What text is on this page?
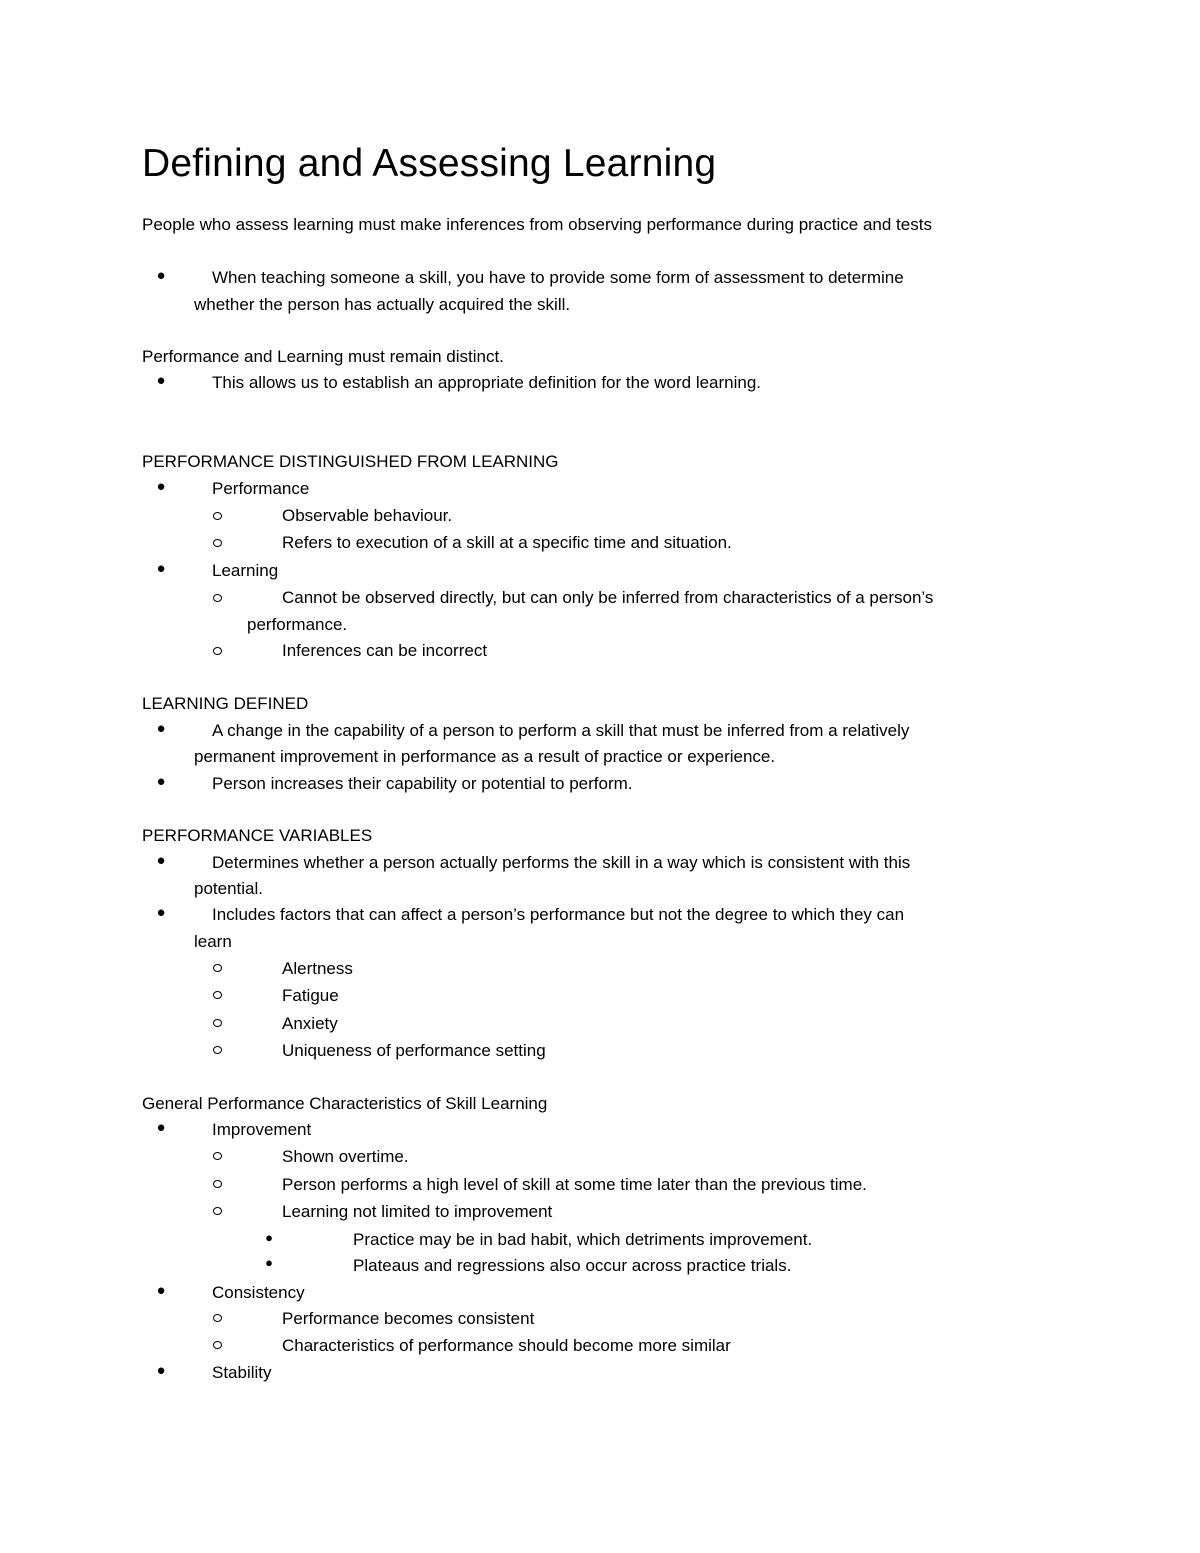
Defining and Assessing Learning
People who assess learning must make inferences from observing performance during practice and tests
●	When teaching someone a skill, you have to provide some form of assessment to determine
whether the person has actually acquired the skill.
Performance and Learning must remain distinct.
●	This allows us to establish an appropriate definition for the word learning.
PERFORMANCE DISTINGUISHED FROM LEARNING
●	Performance
Observable behaviour.
Refers to execution of a skill at a specific time and situation.
●	Learning
Cannot be observed directly, but can only be inferred from characteristics of a person’s
performance.
Inferences can be incorrect
LEARNING DEFINED
●	A change in the capability of a person to perform a skill that must be inferred from a relatively
permanent improvement in performance as a result of practice or experience.
●	Person increases their capability or potential to perform.
PERFORMANCE VARIABLES
●	Determines whether a person actually performs the skill in a way which is consistent with this
potential.
●	Includes factors that can affect a person’s performance but not the degree to which they can
learn
Alertness
Fatigue
Anxiety
Uniqueness of performance setting
General Performance Characteristics of Skill Learning
●	Improvement
Shown overtime.
Person performs a high level of skill at some time later than the previous time.
Learning not limited to improvement
●	Practice may be in bad habit, which detriments improvement.
●	Plateaus and regressions also occur across practice trials.
●	Consistency
Performance becomes consistent
Characteristics of performance should become more similar
●	Stability
